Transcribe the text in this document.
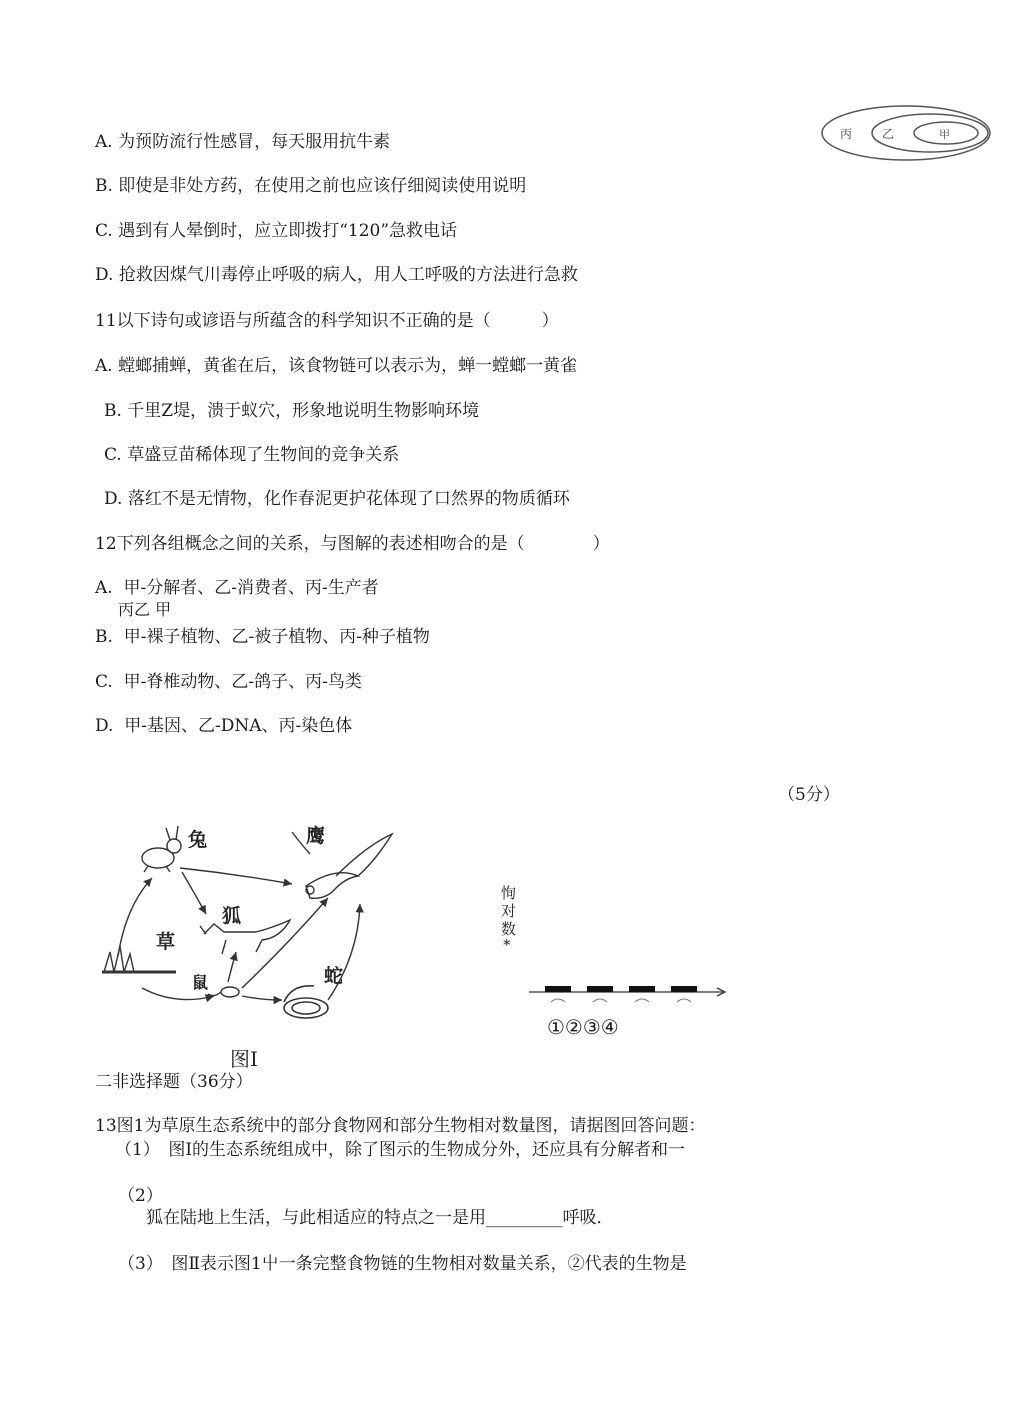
A. 为预防流行性感冒，每天服用抗牛素
B. 即使是非处方药，在使用之前也应该仔细阅读使用说明
C. 遇到有人晕倒时，应立即拨打“120”急救电话
D. 抢救因煤气川毒停止呼吸的病人，用人工呼吸的方法进行急救
11以下诗句或谚语与所蕴含的科学知识不正确的是（　　　）
A. 螳螂捕蝉，黄雀在后，该食物链可以表示为，蝉一螳螂一黄雀
B. 千里Z堤，溃于蚁穴，形象地说明生物影响环境
C. 草盛豆苗稀体现了生物间的竞争关系
D. 落红不是无情物，化作春泥更护花体现了口然界的物质循环
12下列各组概念之间的关系，与图解的表述相吻合的是（　　　　）
A.  甲-分解者、乙-消费者、丙-生产者
丙乙 甲
B.  甲-裸子植物、乙-被子植物、丙-种子植物
C.  甲-脊椎动物、乙-鸽子、丙-鸟类
D.  甲-基因、乙-DNA、丙-染色体
丙 乙	甲
（5分）
兔	鹰
狐
草
鼠	蛇
图Ⅰ
恂
对
数
*
①②③④
二非选择题（36分）
13图1为草原生态系统中的部分食物网和部分生物相对数量图，请据图回答问题：
（1）　图Ⅰ的生态系统组成中，除了图示的生物成分外，还应具有分解者和一
（2）
狐在陆地上生活，与此相适应的特点之一是用_________呼吸．
（3）　图Ⅱ表示图1屮一条完整食物链的生物相对数量关系，②代表的生物是
